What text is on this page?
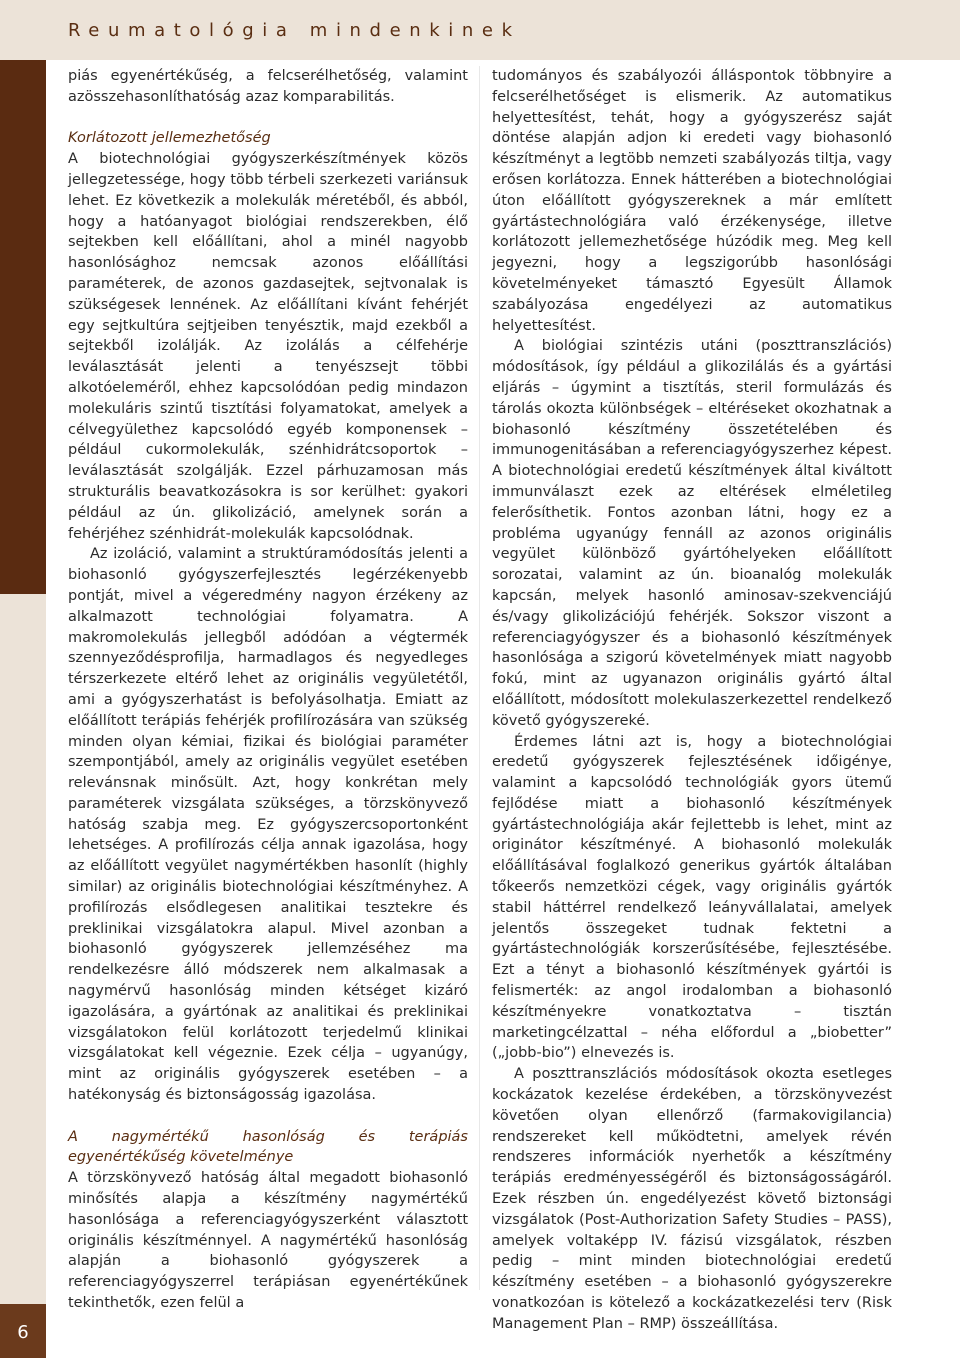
Reumatológia mindenkinek
6

piás egyenértékűség, a felcserélhetőség, valamint azösszehasonlíthatóság azaz komparabilitás.

Korlátozott jellemezhetőség

A biotechnológiai gyógyszerkészítmények közös jellegzetessége, hogy több térbeli szerkezeti variánsuk lehet. Ez következik a molekulák méretéből, és abból, hogy a hatóanyagot biológiai rendszerekben, élő sejtekben kell előállítani, ahol a minél nagyobb hasonlósághoz nemcsak azonos előállítási paraméterek, de azonos gazdasejtek, sejtvonalak is szükségesek lennének. Az előállítani kívánt fehérjét egy sejtkultúra sejtjeiben tenyésztik, majd ezekből a sejtekből izolálják. Az izolálás a célfehérje leválasztását jelenti a tenyészsejt többi alkotóeleméről, ehhez kapcsolódóan pedig mindazon molekuláris szintű tisztítási folyamatokat, amelyek a célvegyülethez kapcsolódó egyéb komponensek – például cukormolekulák, szénhidrátcsoportok – leválasztását szolgálják. Ezzel párhuzamosan más strukturális beavatkozásokra is sor kerülhet: gyakori például az ún. glikolizáció, amelynek során a fehérjéhez szénhidrát-molekulák kapcsolódnak.

Az izoláció, valamint a struktúramódosítás jelenti a biohasonló gyógyszerfejlesztés legérzékenyebb pontját, mivel a végeredmény nagyon érzékeny az alkalmazott technológiai folyamatra. A makromolekulás jellegből adódóan a végtermék szennyeződésprofilja, harmadlagos és negyedleges térszerkezete eltérő lehet az originális vegyületétől, ami a gyógyszerhatást is befolyásolhatja. Emiatt az előállított terápiás fehérjék profilírozására van szükség minden olyan kémiai, fizikai és biológiai paraméter szempontjából, amely az originális vegyület esetében relevánsnak minősült. Azt, hogy konkrétan mely paraméterek vizsgálata szükséges, a törzskönyvező hatóság szabja meg. Ez gyógyszercsoportonként lehetséges. A profilírozás célja annak igazolása, hogy az előállított vegyület nagymértékben hasonlít (highly similar) az originális biotechnológiai készítményhez. A profilírozás elsődlegesen analitikai tesztekre és preklinikai vizsgálatokra alapul. Mivel azonban a biohasonló gyógyszerek jellemzéséhez ma rendelkezésre álló módszerek nem alkalmasak a nagymérvű hasonlóság minden kétséget kizáró igazolására, a gyártónak az analitikai és preklinikai vizsgálatokon felül korlátozott terjedelmű klinikai vizsgálatokat kell végeznie. Ezek célja – ugyanúgy, mint az originális gyógyszerek esetében – a hatékonyság és biztonságosság igazolása.

A nagymértékű hasonlóság és terápiás egyenértékűség követelménye

A törzskönyvező hatóság által megadott biohasonló minősítés alapja a készítmény nagymértékű hasonlósága a referenciagyógyszerként választott originális készítménnyel. A nagymértékű hasonlóság alapján a biohasonló gyógyszerek a referenciagyógyszerrel terápiásan egyenértékűnek tekinthetők, ezen felül a

tudományos és szabályozói álláspontok többnyire a felcserélhetőséget is elismerik. Az automatikus helyettesítést, tehát, hogy a gyógyszerész saját döntése alapján adjon ki eredeti vagy biohasonló készítményt a legtöbb nemzeti szabályozás tiltja, vagy erősen korlátozza. Ennek hátterében a biotechnológiai úton előállított gyógyszereknek a már említett gyártástechnológiára való érzékenysége, illetve korlátozott jellemezhetősége húzódik meg. Meg kell jegyezni, hogy a legszigorúbb hasonlósági követelményeket támasztó Egyesült Államok szabályozása engedélyezi az automatikus helyettesítést.

A biológiai szintézis utáni (poszttranszlációs) módosítások, így például a glikozilálás és a gyártási eljárás – úgymint a tisztítás, steril formulázás és tárolás okozta különbségek – eltéréseket okozhatnak a biohasonló készítmény összetételében és immunogenitásában a referenciagyógyszerhez képest. A biotechnológiai eredetű készítmények által kiváltott immunválaszt ezek az eltérések elméletileg felerősíthetik. Fontos azonban látni, hogy ez a probléma ugyanúgy fennáll az azonos originális vegyület különböző gyártóhelyeken előállított sorozatai, valamint az ún. bioanalóg molekulák kapcsán, melyek hasonló aminosav-szekvenciájú és/vagy glikolizációjú fehérjék. Sokszor viszont a referenciagyógyszer és a biohasonló készítmények hasonlósága a szigorú követelmények miatt nagyobb fokú, mint az ugyanazon originális gyártó által előállított, módosított molekulaszerkezettel rendelkező követő gyógyszereké.

Érdemes látni azt is, hogy a biotechnológiai eredetű gyógyszerek fejlesztésének időigénye, valamint a kapcsolódó technológiák gyors ütemű fejlődése miatt a biohasonló készítmények gyártástechnológiája akár fejlettebb is lehet, mint az originátor készítményé. A biohasonló molekulák előállításával foglalkozó generikus gyártók általában tőkeerős nemzetközi cégek, vagy originális gyártók stabil háttérrel rendelkező leányvállalatai, amelyek jelentős összegeket tudnak fektetni a gyártástechnológiák korszerűsítésébe, fejlesztésébe. Ezt a tényt a biohasonló készítmények gyártói is felismerték: az angol irodalomban a biohasonló készítményekre vonatkoztatva – tisztán marketingcélzattal – néha előfordul a „biobetter” („jobb-bio”) elnevezés is.

A poszttranszlációs módosítások okozta esetleges kockázatok kezelése érdekében, a törzskönyvezést követően olyan ellenőrző (farmakovigilancia) rendszereket kell működtetni, amelyek révén rendszeres információk nyerhetők a készítmény terápiás eredményességéről és biztonságosságáról. Ezek részben ún. engedélyezést követő biztonsági vizsgálatok (Post-Authorization Safety Studies – PASS), amelyek voltaképp IV. fázisú vizsgálatok, részben pedig – mint minden biotechnológiai eredetű készítmény esetében – a biohasonló gyógyszerekre vonatkozóan is kötelező a kockázatkezelési terv (Risk Management Plan – RMP) összeállítása.
